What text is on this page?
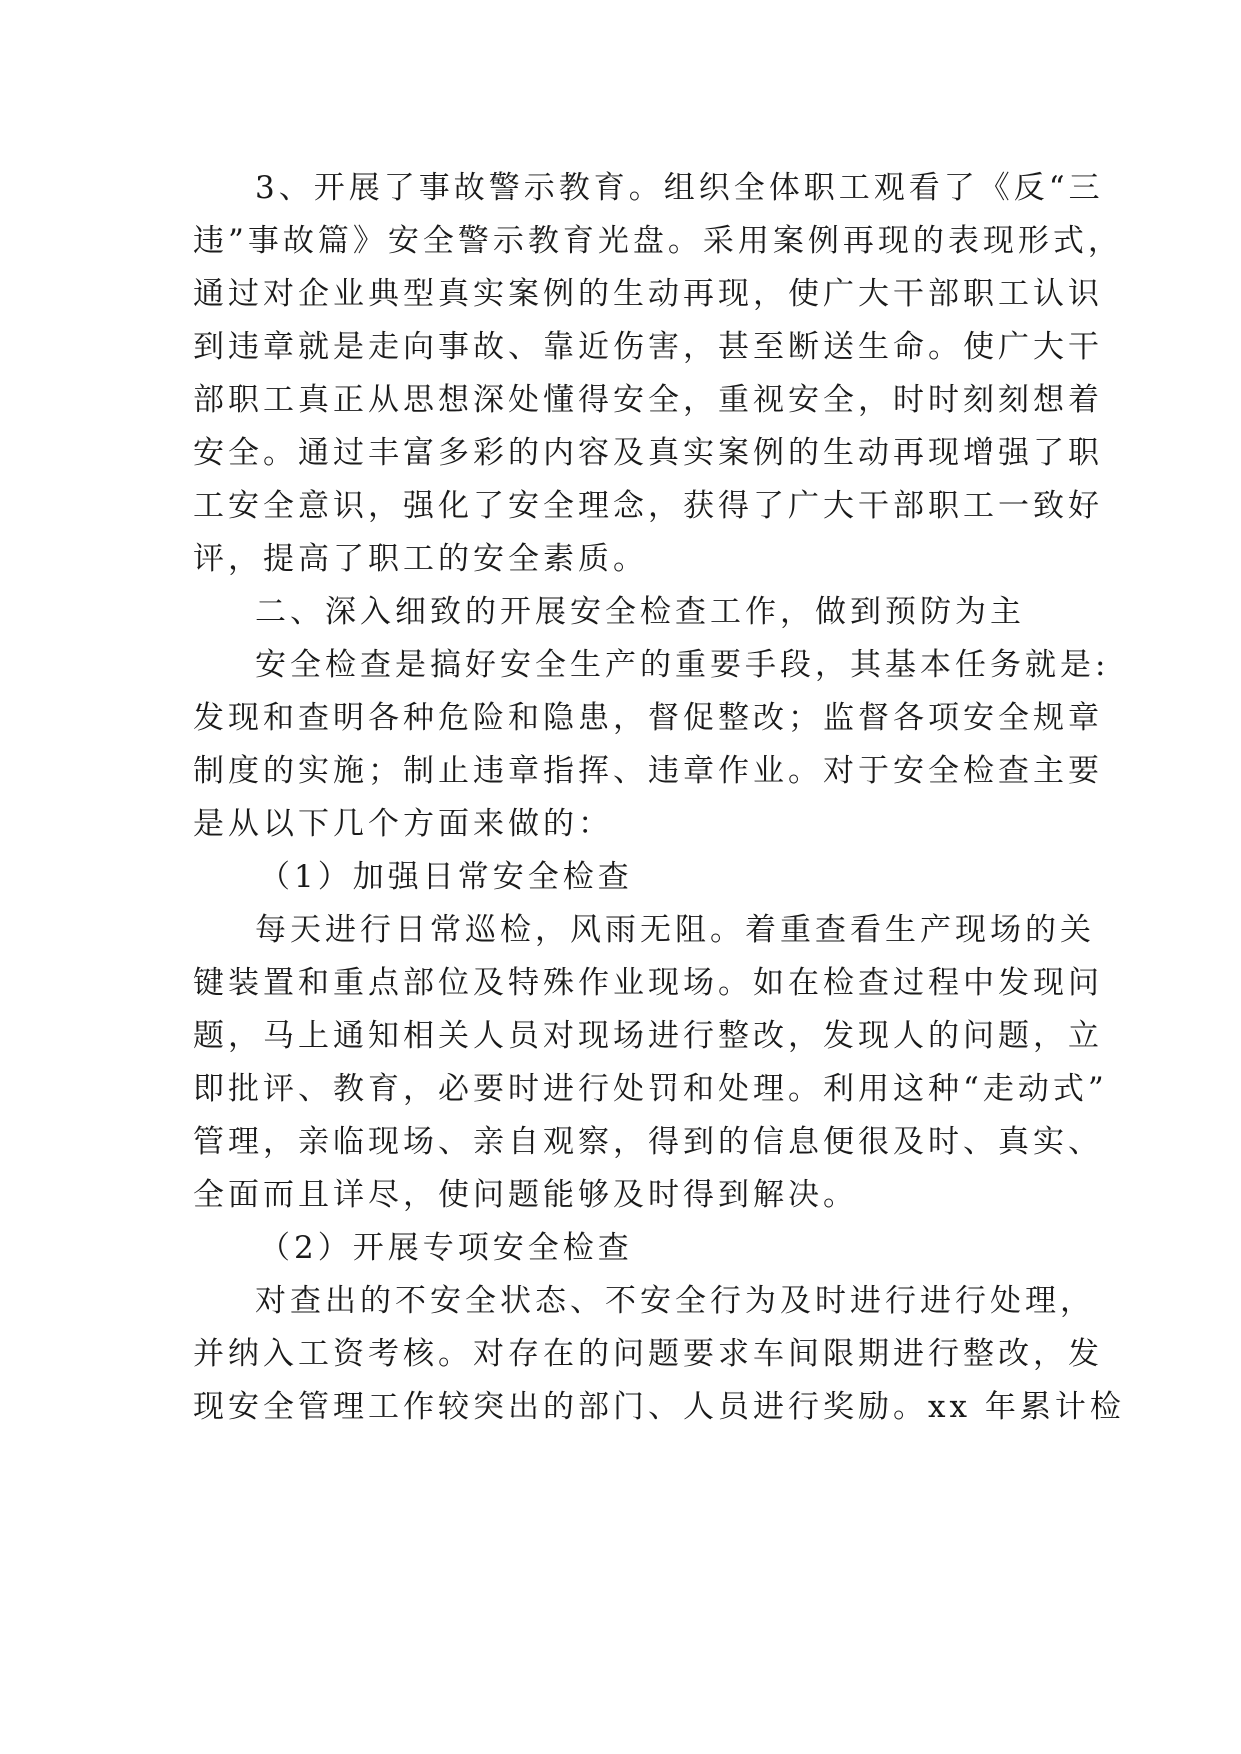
3、开展了事故警示教育。组织全体职工观看了《反“三
违”事故篇》安全警示教育光盘。采用案例再现的表现形式，
通过对企业典型真实案例的生动再现，使广大干部职工认识
到违章就是走向事故、靠近伤害，甚至断送生命。使广大干
部职工真正从思想深处懂得安全，重视安全，时时刻刻想着
安全。通过丰富多彩的内容及真实案例的生动再现增强了职
工安全意识，强化了安全理念，获得了广大干部职工一致好
评，提高了职工的安全素质。
二、深入细致的开展安全检查工作，做到预防为主
安全检查是搞好安全生产的重要手段，其基本任务就是:
发现和查明各种危险和隐患，督促整改；监督各项安全规章
制度的实施；制止违章指挥、违章作业。对于安全检查主要
是从以下几个方面来做的：
（1）加强日常安全检查
每天进行日常巡检，风雨无阻。着重查看生产现场的关
键装置和重点部位及特殊作业现场。如在检查过程中发现问
题，马上通知相关人员对现场进行整改，发现人的问题，立
即批评、教育，必要时进行处罚和处理。利用这种“走动式”
管理，亲临现场、亲自观察，得到的信息便很及时、真实、
全面而且详尽，使问题能够及时得到解决。
（2）开展专项安全检查
对查出的不安全状态、不安全行为及时进行进行处理，
并纳入工资考核。对存在的问题要求车间限期进行整改，发
现安全管理工作较突出的部门、人员进行奖励。xx 年累计检
